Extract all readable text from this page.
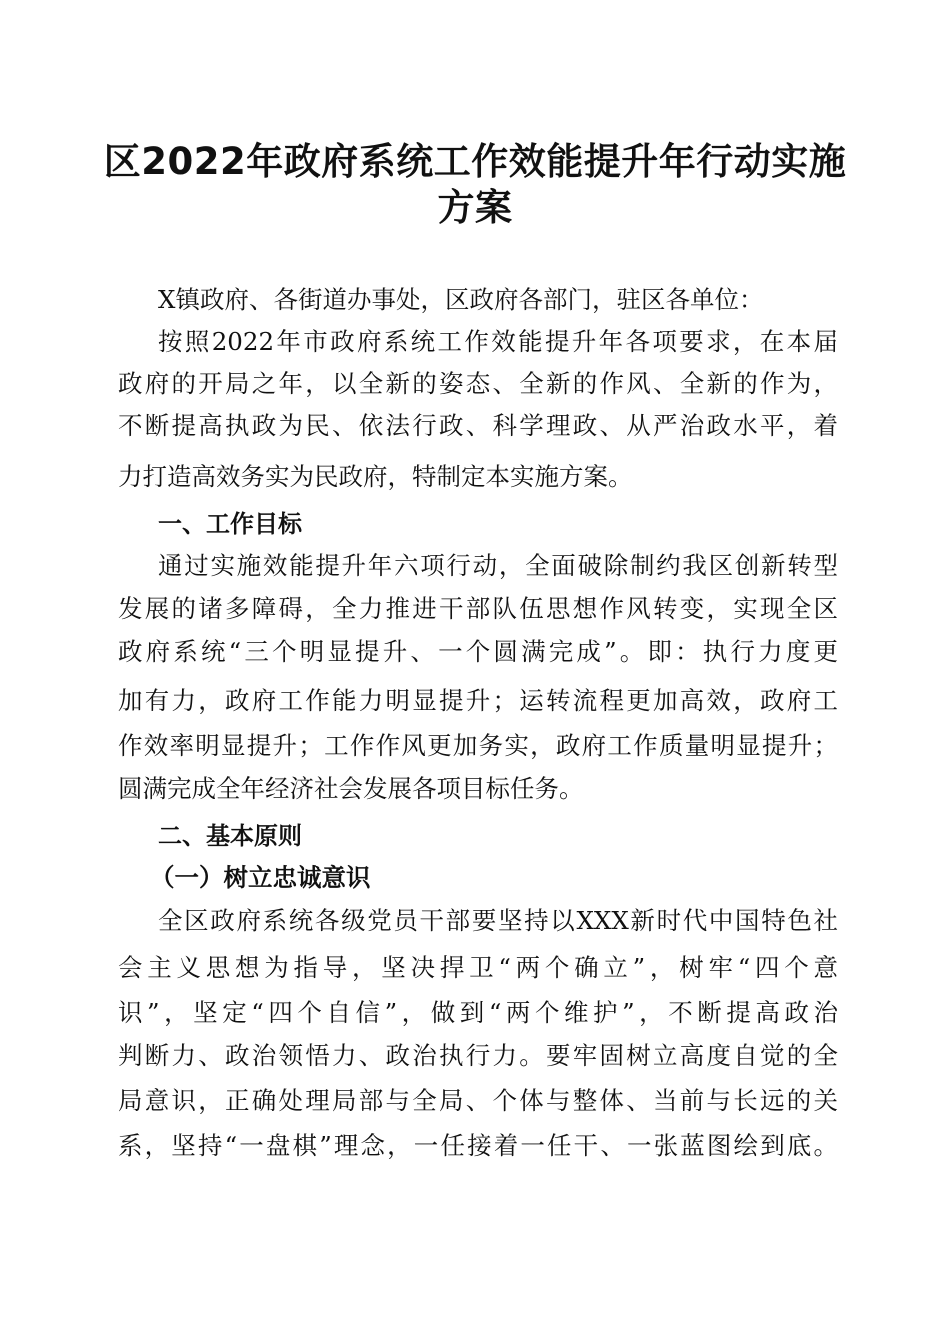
区2022年政府系统工作效能提升年行动实施
方案
X镇政府、各街道办事处，区政府各部门，驻区各单位：
按照2022年市政府系统工作效能提升年各项要求，在本届
政府的开局之年，以全新的姿态、全新的作风、全新的作为，
不断提高执政为民、依法行政、科学理政、从严治政水平，着
力打造高效务实为民政府，特制定本实施方案。
一、工作目标
通过实施效能提升年六项行动，全面破除制约我区创新转型
发展的诸多障碍，全力推进干部队伍思想作风转变，实现全区
政府系统“三个明显提升、一个圆满完成”。即：执行力度更
加有力，政府工作能力明显提升；运转流程更加高效，政府工
作效率明显提升；工作作风更加务实，政府工作质量明显提升；
圆满完成全年经济社会发展各项目标任务。
二、基本原则
（一）树立忠诚意识
全区政府系统各级党员干部要坚持以XXX新时代中国特色社
会主义思想为指导，坚决捍卫“两个确立”，树牢“四个意
识”，坚定“四个自信”，做到“两个维护”，不断提高政治
判断力、政治领悟力、政治执行力。要牢固树立高度自觉的全
局意识，正确处理局部与全局、个体与整体、当前与长远的关
系，坚持“一盘棋”理念，一任接着一任干、一张蓝图绘到底。
